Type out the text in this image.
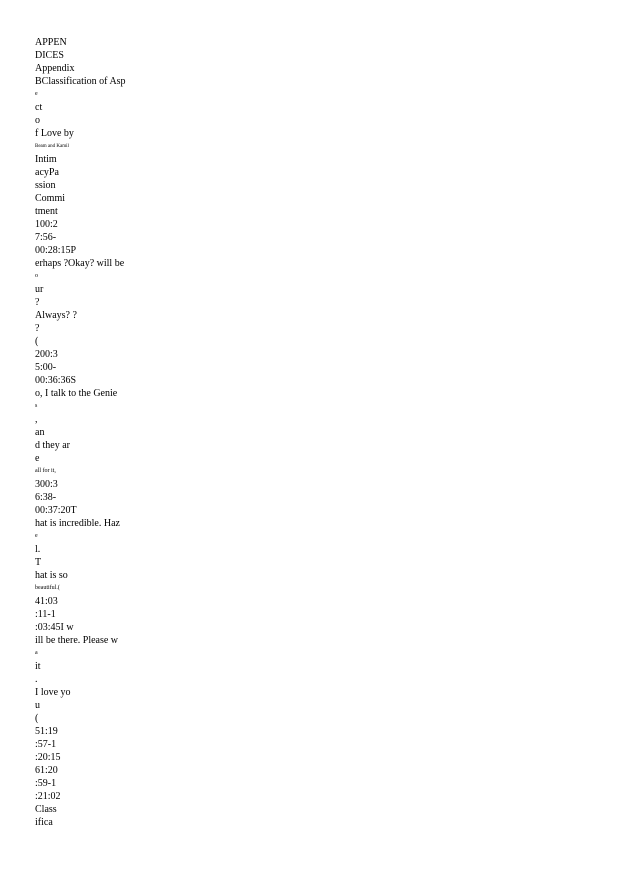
APPEN
DICES
Appendix
BClassification of Asp
e
ct
o
f Love by
Beam and Kamil
Intim
acyPa
ssion
Commi
tment
100:2
7:56-
00:28:15P
erhaps ?Okay? will be
o
ur
?
Always? ?
?
(
200:3
5:00-
00:36:36S
o, I talk to the Genie
s
,
an
d they ar
e
all for it,
300:3
6:38-
00:37:20T
hat is incredible. Haz
e
l.
T
hat is so
beautiful.(
41:03
:11-1
:03:45I w
ill be there. Please w
a
it
.
I love yo
u
(
51:19
:57-1
:20:15
61:20
:59-1
:21:02
Class
ifica
